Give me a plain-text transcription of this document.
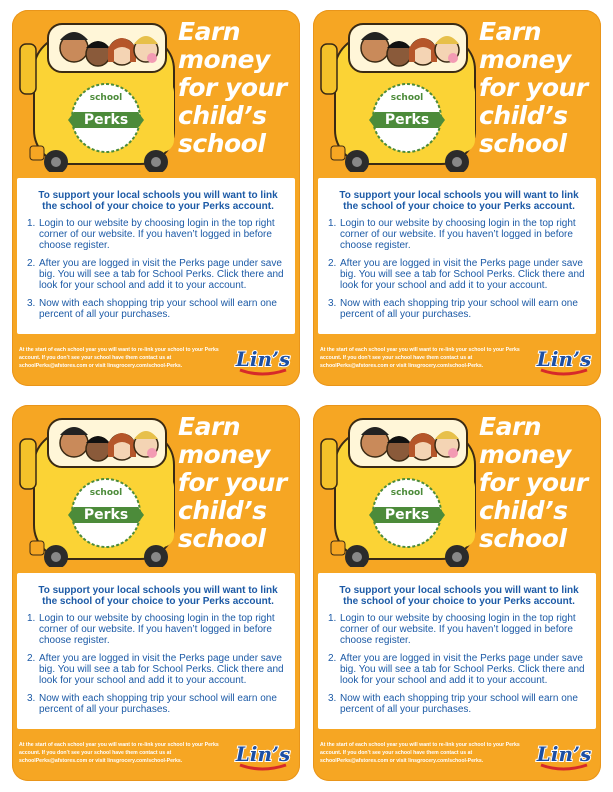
school
Perks
Earn
money
for your
child’s
school
To support your local schools you will want to link the school of your choice to your Perks account.
1. Login to our website by choosing login in the top right corner of our website. If you haven’t logged in before choose register.
2. After you are logged in visit the Perks page under save big. You will see a tab for School Perks. Click there and look for your school and add it to your account.
3. Now with each shopping trip your school will earn one percent of all your purchases.
At the start of each school year you will want to re-link your school to your Perks account. If you don’t see your school have them contact us at schoolPerks@afstores.com or visit linsgrocery.com/school-Perks.	Lin’s
school
Perks
Earn
money
for your
child’s
school
To support your local schools you will want to link the school of your choice to your Perks account.
1. Login to our website by choosing login in the top right corner of our website. If you haven’t logged in before choose register.
2. After you are logged in visit the Perks page under save big. You will see a tab for School Perks. Click there and look for your school and add it to your account.
3. Now with each shopping trip your school will earn one percent of all your purchases.
At the start of each school year you will want to re-link your school to your Perks account. If you don’t see your school have them contact us at schoolPerks@afstores.com or visit linsgrocery.com/school-Perks.	Lin’s
school
Perks
Earn
money
for your
child’s
school
To support your local schools you will want to link the school of your choice to your Perks account.
1. Login to our website by choosing login in the top right corner of our website. If you haven’t logged in before choose register.
2. After you are logged in visit the Perks page under save big. You will see a tab for School Perks. Click there and look for your school and add it to your account.
3. Now with each shopping trip your school will earn one percent of all your purchases.
At the start of each school year you will want to re-link your school to your Perks account. If you don’t see your school have them contact us at schoolPerks@afstores.com or visit linsgrocery.com/school-Perks.	Lin’s
school
Perks
Earn
money
for your
child’s
school
To support your local schools you will want to link the school of your choice to your Perks account.
1. Login to our website by choosing login in the top right corner of our website. If you haven’t logged in before choose register.
2. After you are logged in visit the Perks page under save big. You will see a tab for School Perks. Click there and look for your school and add it to your account.
3. Now with each shopping trip your school will earn one percent of all your purchases.
At the start of each school year you will want to re-link your school to your Perks account. If you don’t see your school have them contact us at schoolPerks@afstores.com or visit linsgrocery.com/school-Perks.	Lin’s
